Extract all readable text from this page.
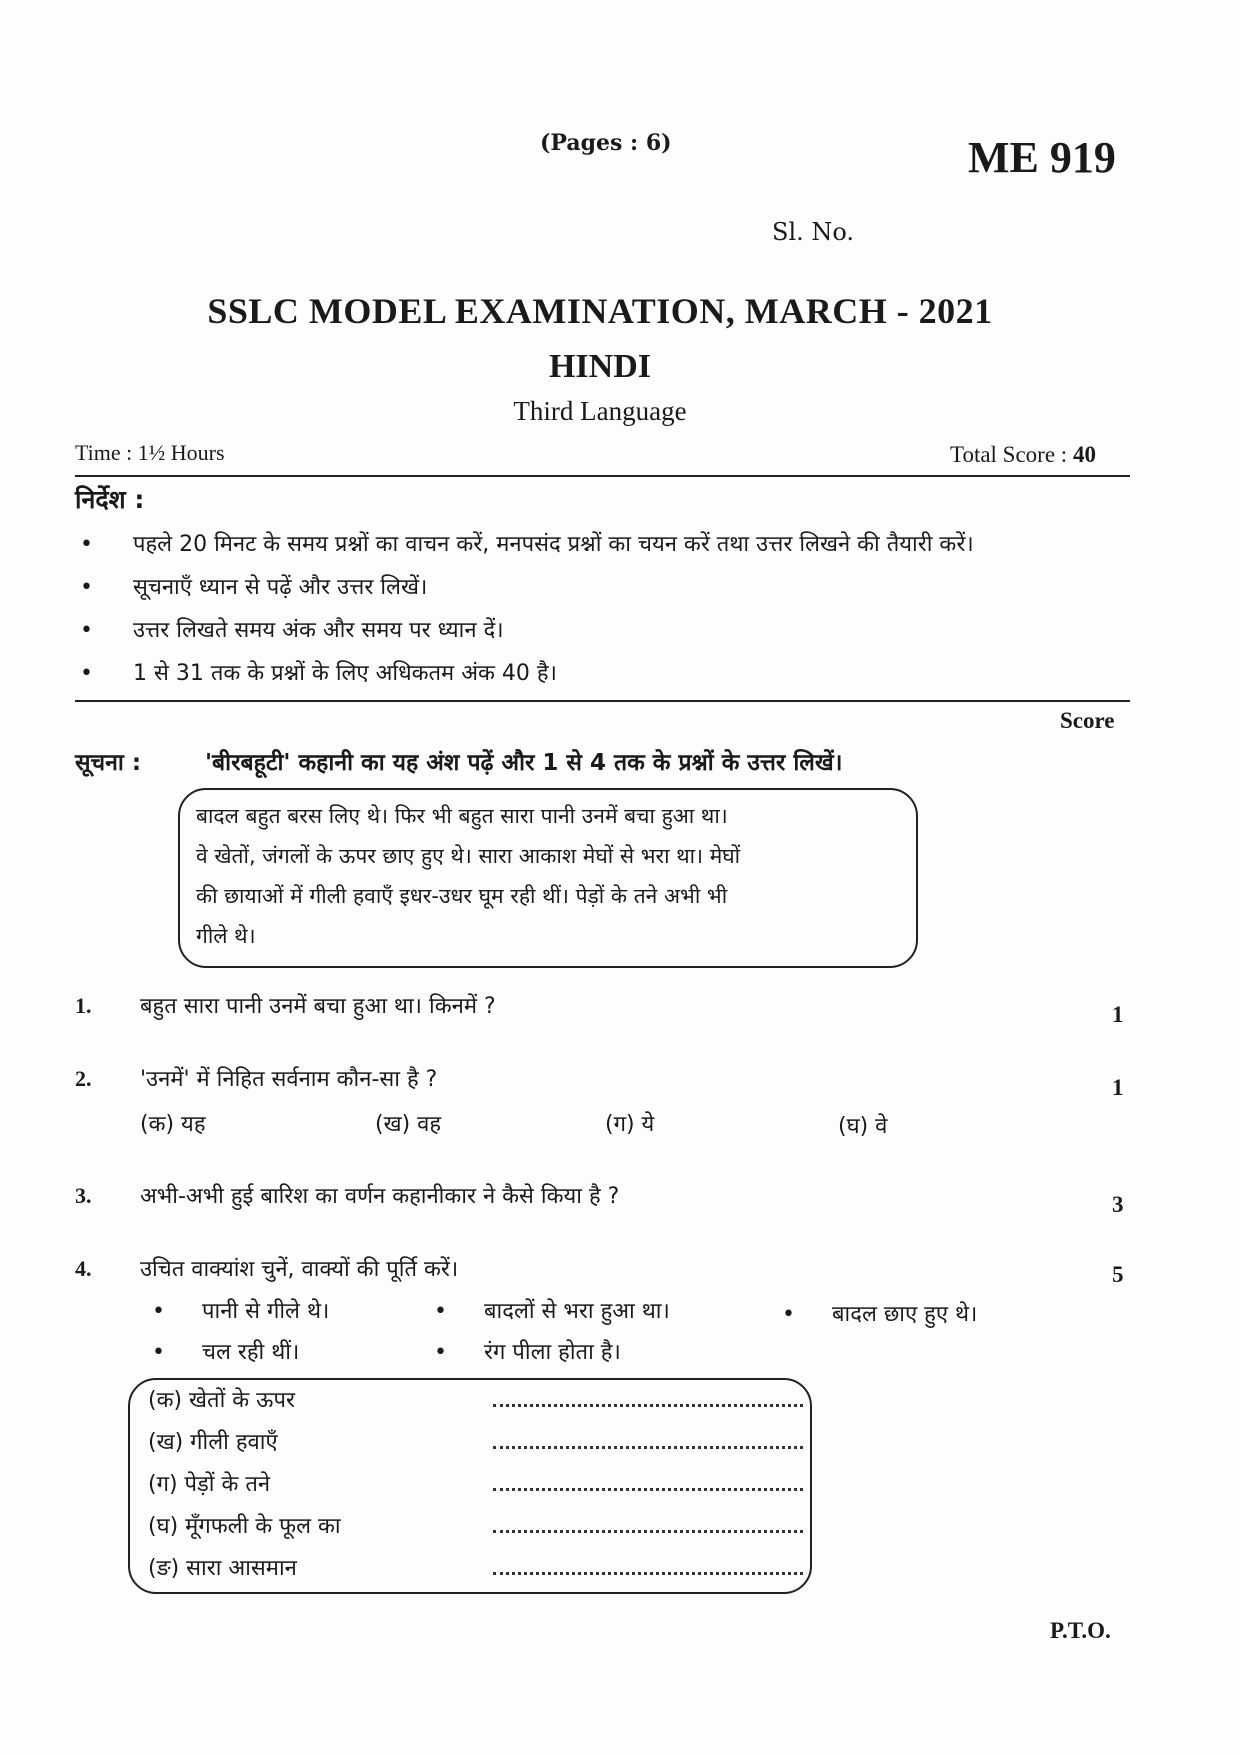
(Pages : 6)	ME 919
Sl. No.
SSLC MODEL EXAMINATION, MARCH - 2021
HINDI
Third Language
Time : 1½ Hours	Total Score : 40
निर्देश :
• पहले 20 मिनट के समय प्रश्नों का वाचन करें, मनपसंद प्रश्नों का चयन करें तथा उत्तर लिखने की तैयारी करें।
• सूचनाएँ ध्यान से पढ़ें और उत्तर लिखें।
• उत्तर लिखते समय अंक और समय पर ध्यान दें।
• 1 से 31 तक के प्रश्नों के लिए अधिकतम अंक 40 है।
Score
सूचना :	'बीरबहूटी' कहानी का यह अंश पढ़ें और 1 से 4 तक के प्रश्नों के उत्तर लिखें।
बादल बहुत बरस लिए थे। फिर भी बहुत सारा पानी उनमें बचा हुआ था।
वे खेतों, जंगलों के ऊपर छाए हुए थे। सारा आकाश मेघों से भरा था। मेघों
की छायाओं में गीली हवाएँ इधर-उधर घूम रही थीं। पेड़ों के तने अभी भी
गीले थे।
1. बहुत सारा पानी उनमें बचा हुआ था। किनमें ?	1
2. 'उनमें' में निहित सर्वनाम कौन-सा है ?	1
(क) यह	(ख) वह	(ग) ये	(घ) वे
3. अभी-अभी हुई बारिश का वर्णन कहानीकार ने कैसे किया है ?	3
4. उचित वाक्यांश चुनें, वाक्यों की पूर्ति करें।	5
• पानी से गीले थे।	• बादलों से भरा हुआ था।	• बादल छाए हुए थे।
• चल रही थीं।	• रंग पीला होता है।
(क) खेतों के ऊपर
(ख) गीली हवाएँ
(ग) पेड़ों के तने
(घ) मूँगफली के फूल का
(ङ) सारा आसमान
P.T.O.
